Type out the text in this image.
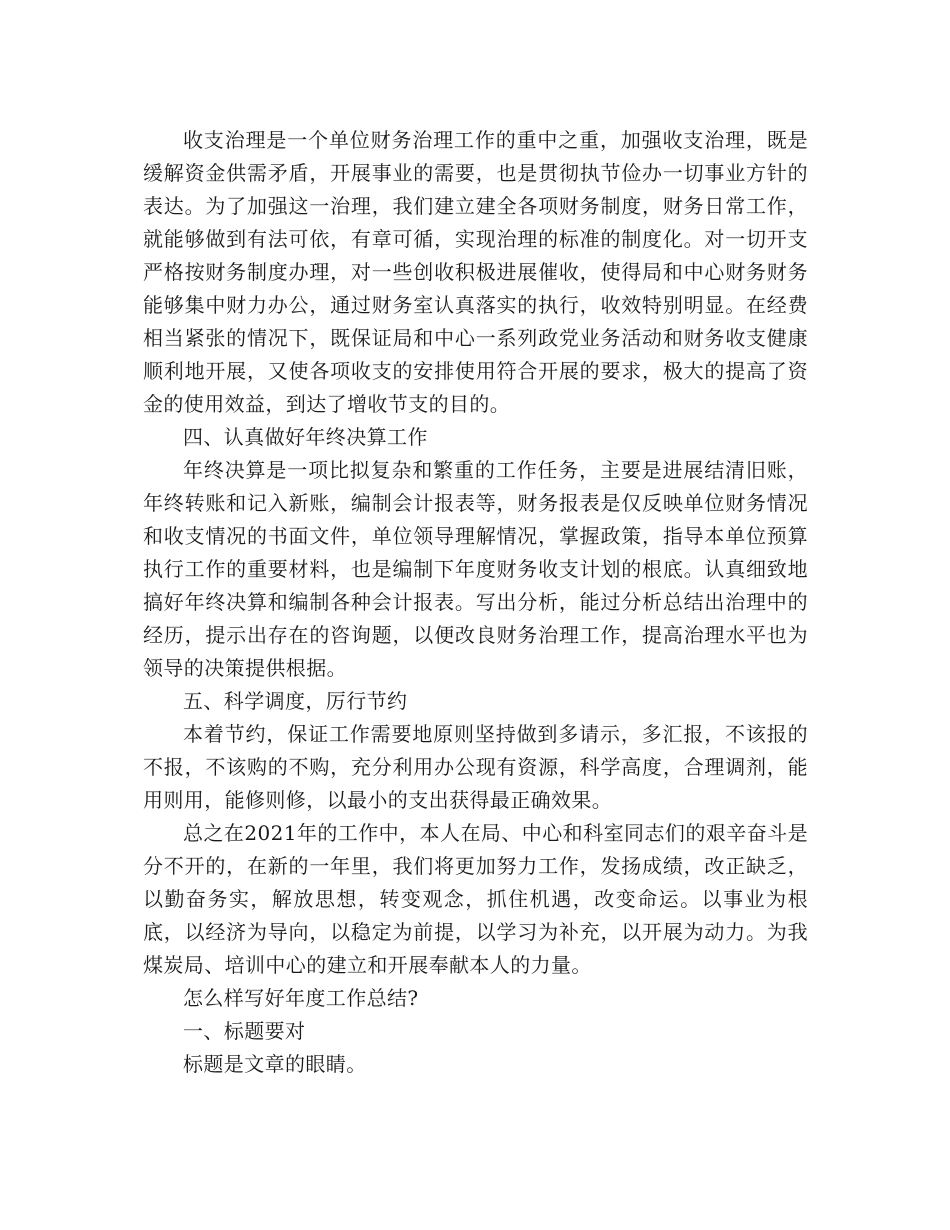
收支治理是一个单位财务治理工作的重中之重，加强收支治理，既是缓解资金供需矛盾，开展事业的需要，也是贯彻执节俭办一切事业方针的表达。为了加强这一治理，我们建立建全各项财务制度，财务日常工作，就能够做到有法可依，有章可循，实现治理的标准的制度化。对一切开支严格按财务制度办理，对一些创收积极进展催收，使得局和中心财务财务能够集中财力办公，通过财务室认真落实的执行，收效特别明显。在经费相当紧张的情况下，既保证局和中心一系列政党业务活动和财务收支健康顺利地开展，又使各项收支的安排使用符合开展的要求，极大的提高了资金的使用效益，到达了增收节支的目的。

四、认真做好年终决算工作

年终决算是一项比拟复杂和繁重的工作任务，主要是进展结清旧账，年终转账和记入新账，编制会计报表等，财务报表是仅反映单位财务情况和收支情况的书面文件，单位领导理解情况，掌握政策，指导本单位预算执行工作的重要材料，也是编制下年度财务收支计划的根底。认真细致地搞好年终决算和编制各种会计报表。写出分析，能过分析总结出治理中的经历，提示出存在的咨询题，以便改良财务治理工作，提高治理水平也为领导的决策提供根据。

五、科学调度，厉行节约

本着节约，保证工作需要地原则坚持做到多请示，多汇报，不该报的不报，不该购的不购，充分利用办公现有资源，科学高度，合理调剂，能用则用，能修则修，以最小的支出获得最正确效果。

总之在2021年的工作中，本人在局、中心和科室同志们的艰辛奋斗是分不开的，在新的一年里，我们将更加努力工作，发扬成绩，改正缺乏，以勤奋务实，解放思想，转变观念，抓住机遇，改变命运。以事业为根底，以经济为导向，以稳定为前提，以学习为补充，以开展为动力。为我煤炭局、培训中心的建立和开展奉献本人的力量。

怎么样写好年度工作总结?

一、标题要对

标题是文章的眼睛。
